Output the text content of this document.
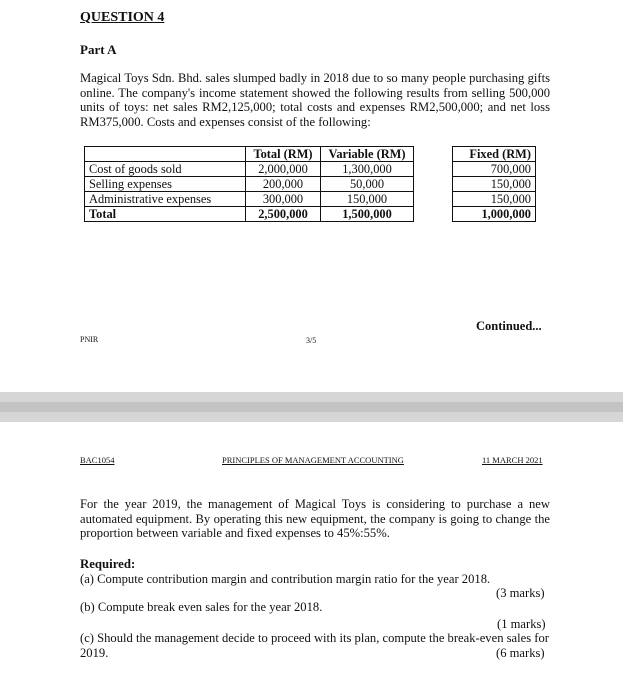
QUESTION 4
Part A
Magical Toys Sdn. Bhd. sales slumped badly in 2018 due to so many people purchasing gifts online. The company's income statement showed the following results from selling 500,000 units of toys: net sales RM2,125,000; total costs and expenses RM2,500,000; and net loss RM375,000. Costs and expenses consist of the following:
	Total (RM)	Variable (RM)		Fixed (RM)
Cost of goods sold	2,000,000	1,300,000		700,000
Selling expenses	200,000	50,000		150,000
Administrative expenses	300,000	150,000		150,000
Total	2,500,000	1,500,000		1,000,000
Continued...
PNIR	3/5
BAC1054	PRINCIPLES OF MANAGEMENT ACCOUNTING	11 MARCH 2021
For the year 2019, the management of Magical Toys is considering to purchase a new automated equipment. By operating this new equipment, the company is going to change the proportion between variable and fixed expenses to 45%:55%.
Required:
(a) Compute contribution margin and contribution margin ratio for the year 2018.
(3 marks)
(b) Compute break even sales for the year 2018.
(1 marks)
(c) Should the management decide to proceed with its plan, compute the break-even sales for 2019.	(6 marks)
